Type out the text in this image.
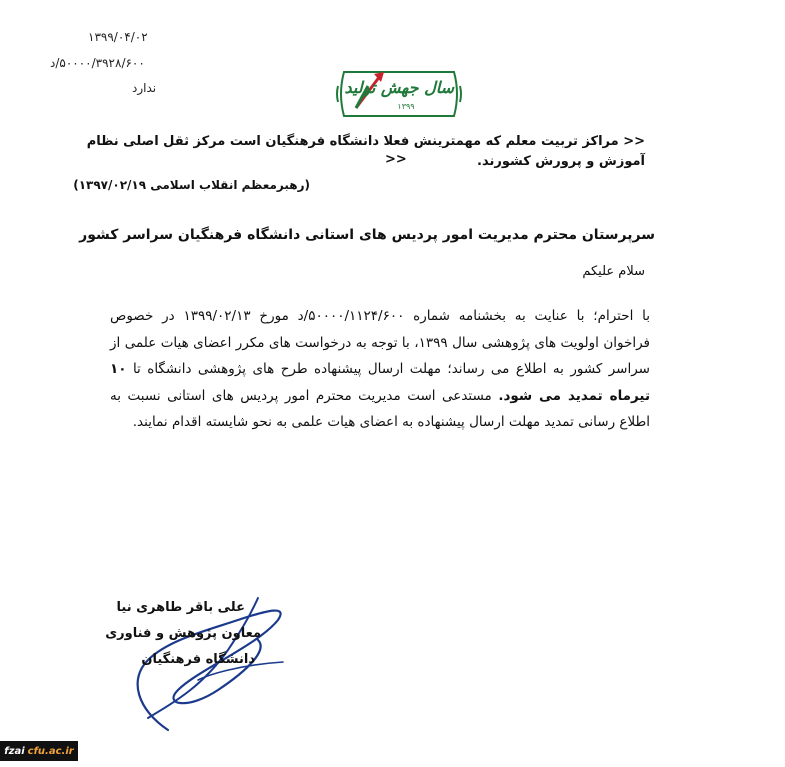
۱۳۹۹/۰۴/۰۲
۵۰۰۰۰/۳۹۲۸/۶۰۰/د
ندارد	سال جهش تولید
۱۳۹۹
<< مراکز تربیت معلم که مهمترینش فعلا دانشگاه فرهنگیان است مرکز ثقل اصلی نظام آموزش و پرورش کشورند.
>>
(رهبرمعظم انقلاب اسلامی ۱۳۹۷/۰۲/۱۹)
سرپرستان محترم مدیریت امور پردیس های استانی دانشگاه فرهنگیان سراسر کشور
سلام علیکم
با احترام؛ با عنایت به بخشنامه شماره ۵۰۰۰۰/۱۱۲۴/۶۰۰/د مورخ ۱۳۹۹/۰۲/۱۳ در خصوص فراخوان اولویت های پژوهشی سال ۱۳۹۹، با توجه به درخواست های مکرر اعضای هیات علمی از سراسر کشور به اطلاع می رساند؛ مهلت ارسال پیشنهاده طرح های پژوهشی دانشگاه تا ۱۰ تیرماه تمدید می شود. مستدعی است مدیریت محترم امور پردیس های استانی نسبت به اطلاع رسانی تمدید مهلت ارسال پیشنهاده به اعضای هیات علمی به نحو شایسته اقدام نمایند.
علی باقر طاهری نیا
معاون پژوهش و فناوری
دانشگاه فرهنگیان
fzai cfu.ac.ir
